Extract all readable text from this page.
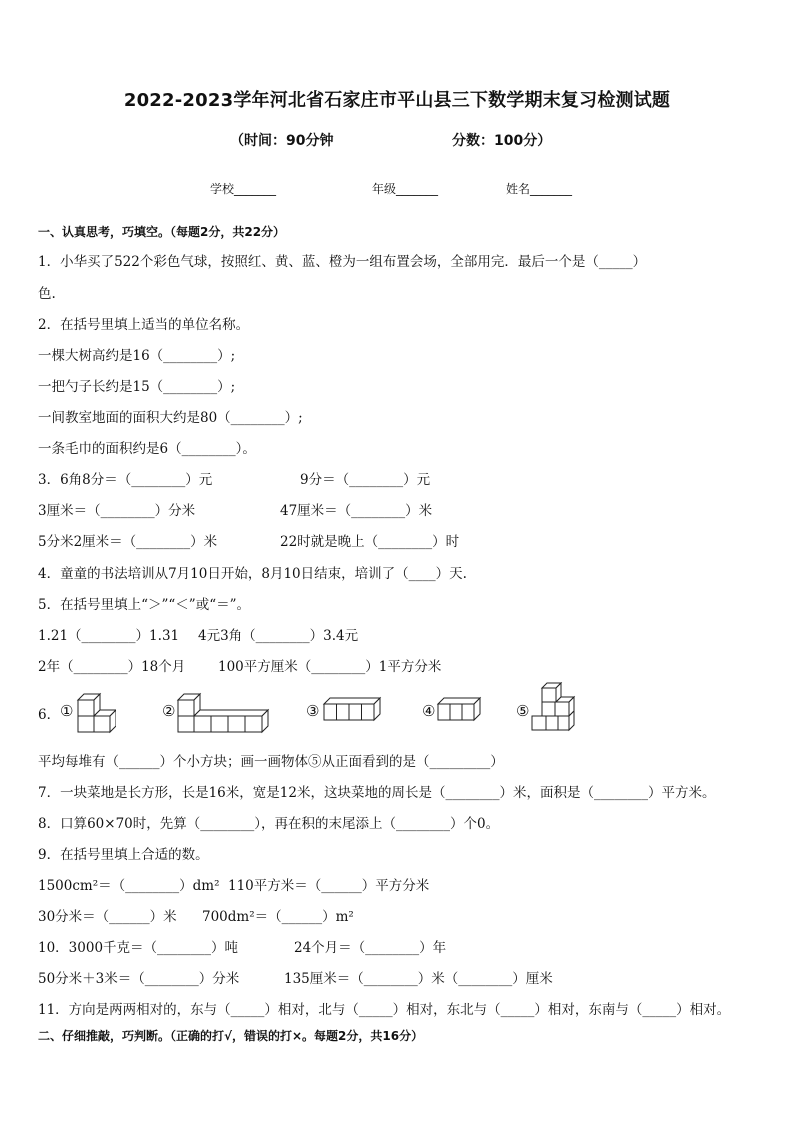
2022-2023学年河北省石家庄市平山县三下数学期末复习检测试题
（时间：90分钟	分数：100分）
学校_______	年级_______	姓名_______
一、认真思考，巧填空。（每题2分，共22分）
1．小华买了522个彩色气球，按照红、黄、蓝、橙为一组布置会场，全部用完．最后一个是（_____）
色.
2．在括号里填上适当的单位名称。
一棵大树高约是16（________）;
一把勺子长约是15（________）;
一间教室地面的面积大约是80（________）;
一条毛巾的面积约是6（________）。
3．6角8分＝（________）元	9分＝（________）元
3厘米＝（________）分米	47厘米＝（________）米
5分米2厘米＝（________）米	22时就是晚上（________）时
4．童童的书法培训从7月10日开始，8月10日结束，培训了（____）天.
5．在括号里填上“＞”“＜”或“＝”。
1.21（________）1.31 4元3角（________）3.4元
2年（________）18个月 100平方厘米（________）1平方分米
6． ①	②	③	④	⑤
平均每堆有（______）个小方块；画一画物体⑤从正面看到的是（_________）
7．一块菜地是长方形，长是16米，宽是12米，这块菜地的周长是（________）米，面积是（________）平方米。
8．口算60×70时，先算（________），再在积的末尾添上（________）个0。
9．在括号里填上合适的数。
1500cm²＝（________）dm² 110平方米＝（______）平方分米
30分米＝（______）米 700dm²＝（______）m²
10．3000千克＝（________）吨	24个月＝（________）年
50分米＋3米＝（________）分米	135厘米＝（________）米（________）厘米
11．方向是两两相对的，东与（_____）相对，北与（_____）相对，东北与（_____）相对，东南与（_____）相对。
二、仔细推敲，巧判断。（正确的打√，错误的打×。每题2分，共16分）
